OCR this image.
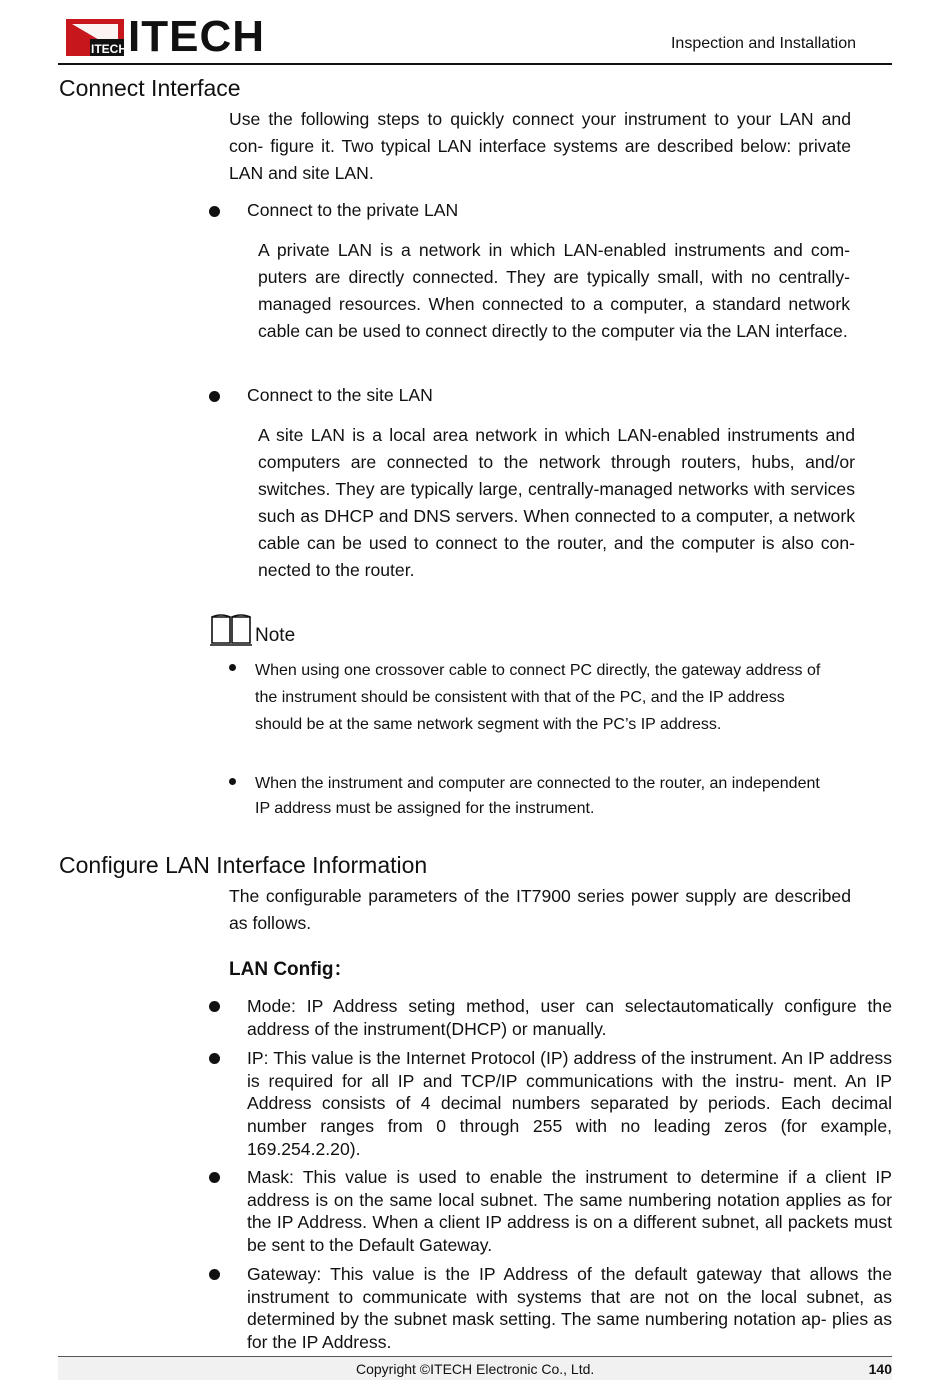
ITECH ITECH	Inspection and Installation
Connect Interface
Use the following steps to quickly connect your instrument to your LAN and con- figure it. Two typical LAN interface systems are described below: private LAN and site LAN.
Connect to the private LAN
A private LAN is a network in which LAN-enabled instruments and com- puters are directly connected. They are typically small, with no centrally- managed resources. When connected to a computer, a standard network cable can be used to connect directly to the computer via the LAN interface.
Connect to the site LAN
A site LAN is a local area network in which LAN-enabled instruments and computers are connected to the network through routers, hubs, and/or switches. They are typically large, centrally-managed networks with services such as DHCP and DNS servers. When connected to a computer, a network cable can be used to connect to the router, and the computer is also con- nected to the router.
Note
When using one crossover cable to connect PC directly, the gateway address of the instrument should be consistent with that of the PC, and the IP address should be at the same network segment with the PC’s IP address.
When the instrument and computer are connected to the router, an independent IP address must be assigned for the instrument.
Configure LAN Interface Information
The configurable parameters of the IT7900 series power supply are described as follows.
LAN Config：
Mode: IP Address seting method, user can selectautomatically configure the address of the instrument(DHCP) or manually.
IP: This value is the Internet Protocol (IP) address of the instrument. An IP address is required for all IP and TCP/IP communications with the instru- ment. An IP Address consists of 4 decimal numbers separated by periods. Each decimal number ranges from 0 through 255 with no leading zeros (for example, 169.254.2.20).
Mask: This value is used to enable the instrument to determine if a client IP address is on the same local subnet. The same numbering notation applies as for the IP Address. When a client IP address is on a different subnet, all packets must be sent to the Default Gateway.
Gateway: This value is the IP Address of the default gateway that allows the instrument to communicate with systems that are not on the local subnet, as determined by the subnet mask setting. The same numbering notation ap- plies as for the IP Address.
Copyright ©ITECH Electronic Co., Ltd.	140
